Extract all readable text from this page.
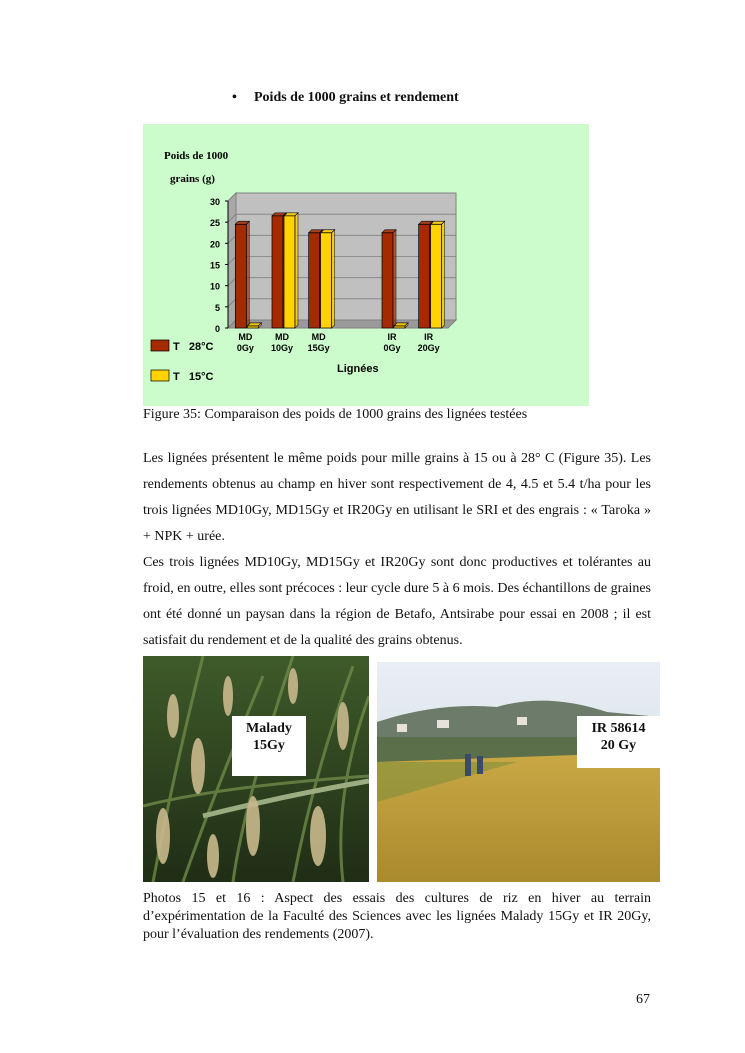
• Poids de 1000 grains et rendement
Poids de 1000
grains (g)
Lignées
0
5
10
15
20
25
30
MD
0Gy
MD
10Gy
MD
15Gy
IR
0Gy
IR
20Gy
T   28°C
T   15°C
Figure 35: Comparaison des poids de 1000 grains des lignées testées

Les lignées présentent le même poids pour mille grains à 15 ou à 28° C (Figure 35). Les rendements obtenus au champ en hiver sont respectivement de 4, 4.5 et 5.4 t/ha pour les trois lignées MD10Gy, MD15Gy et IR20Gy en utilisant le SRI et des engrais : « Taroka » + NPK + urée.

Ces trois lignées MD10Gy, MD15Gy et IR20Gy sont donc productives et tolérantes au froid, en outre, elles sont précoces : leur cycle dure 5 à 6 mois. Des échantillons de graines ont été donné un paysan dans la région de Betafo, Antsirabe pour essai en 2008 ; il est satisfait du rendement et de la qualité des grains obtenus.

Malady
15Gy
IR 58614
20 Gy
Photos 15 et 16 : Aspect des essais des cultures de riz en hiver au terrain d’expérimentation de la Faculté des Sciences avec les lignées Malady 15Gy et IR 20Gy, pour l’évaluation des rendements (2007).
67
